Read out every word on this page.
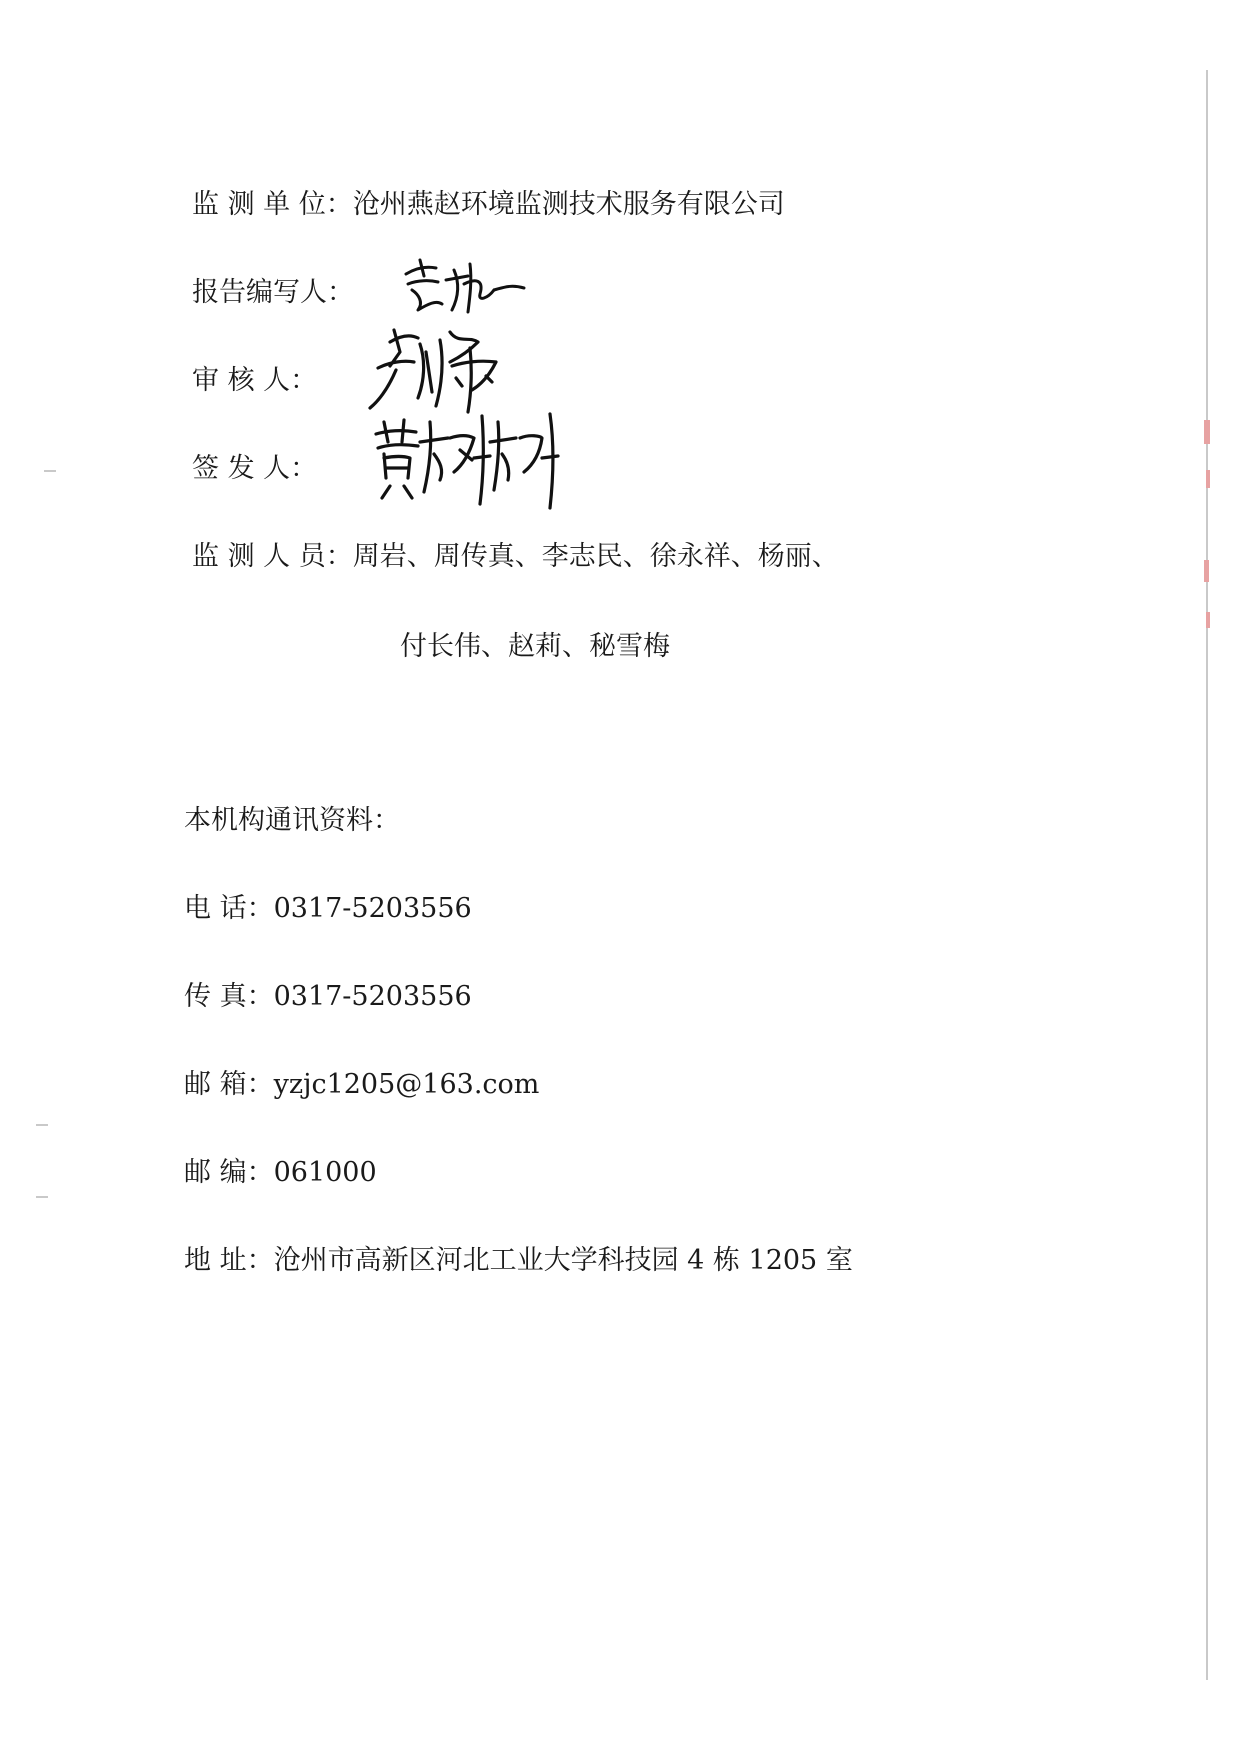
监 测 单 位：沧州燕赵环境监测技术服务有限公司
报告编写人：
审 核 人：
签 发 人：
监 测 人 员：周岩、周传真、李志民、徐永祥、杨丽、
付长伟、赵莉、秘雪梅
本机构通讯资料：
电 话：0317-5203556
传 真：0317-5203556
邮 箱：yzjc1205@163.com
邮 编：061000
地 址：沧州市高新区河北工业大学科技园 4 栋 1205 室
